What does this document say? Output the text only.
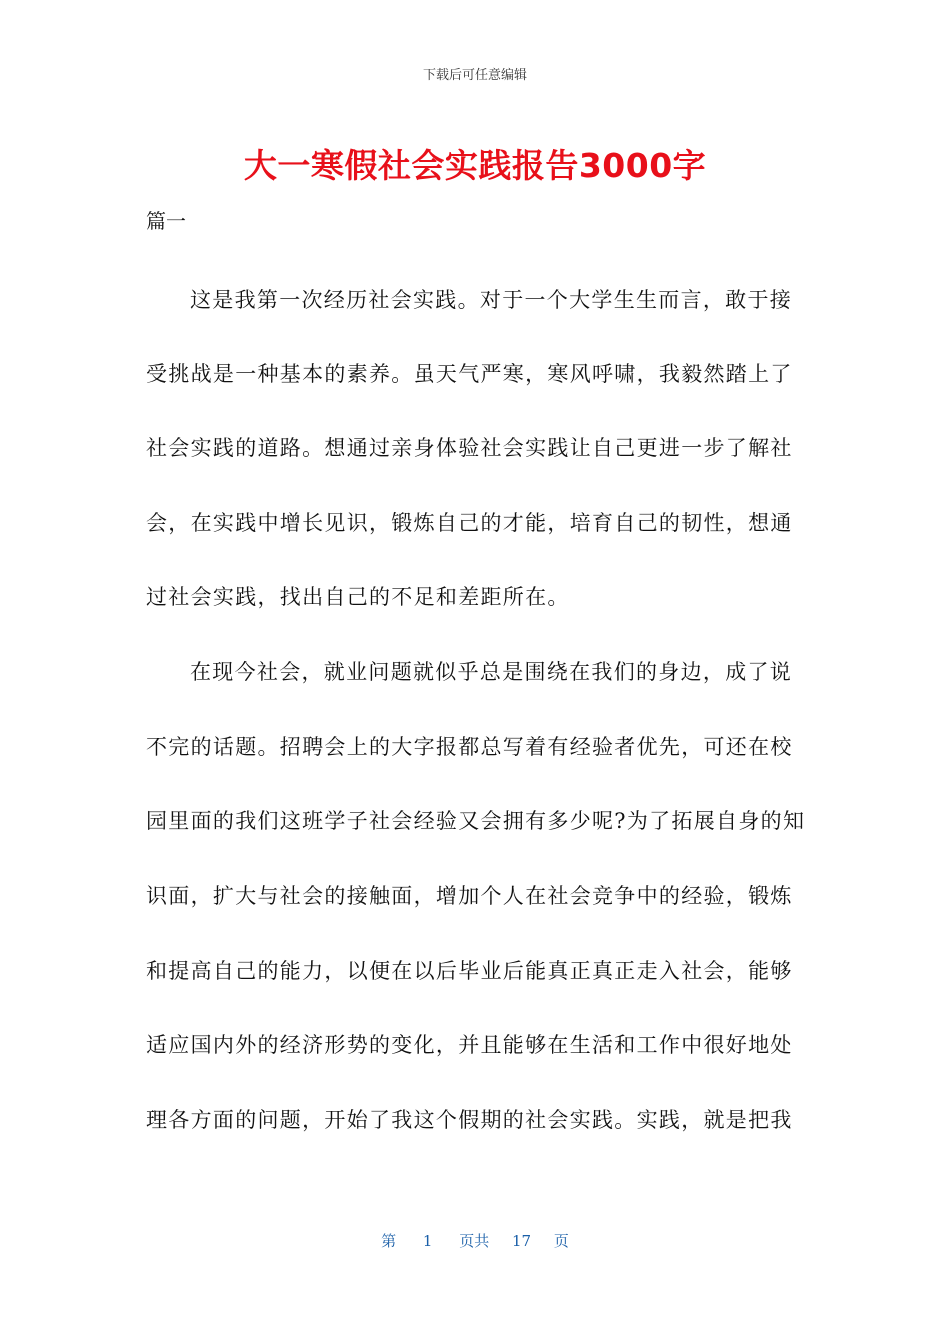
下载后可任意编辑
大一寒假社会实践报告3000字
篇一
这是我第一次经历社会实践。对于一个大学生生而言，敢于接
受挑战是一种基本的素养。虽天气严寒，寒风呼啸，我毅然踏上了
社会实践的道路。想通过亲身体验社会实践让自己更进一步了解社
会，在实践中增长见识，锻炼自己的才能，培育自己的韧性，想通
过社会实践，找出自己的不足和差距所在。
在现今社会，就业问题就似乎总是围绕在我们的身边，成了说
不完的话题。招聘会上的大字报都总写着有经验者优先，可还在校
园里面的我们这班学子社会经验又会拥有多少呢?为了拓展自身的知
识面，扩大与社会的接触面，增加个人在社会竞争中的经验，锻炼
和提高自己的能力，以便在以后毕业后能真正真正走入社会，能够
适应国内外的经济形势的变化，并且能够在生活和工作中很好地处
理各方面的问题，开始了我这个假期的社会实践。实践，就是把我
第 1 页共 17 页
